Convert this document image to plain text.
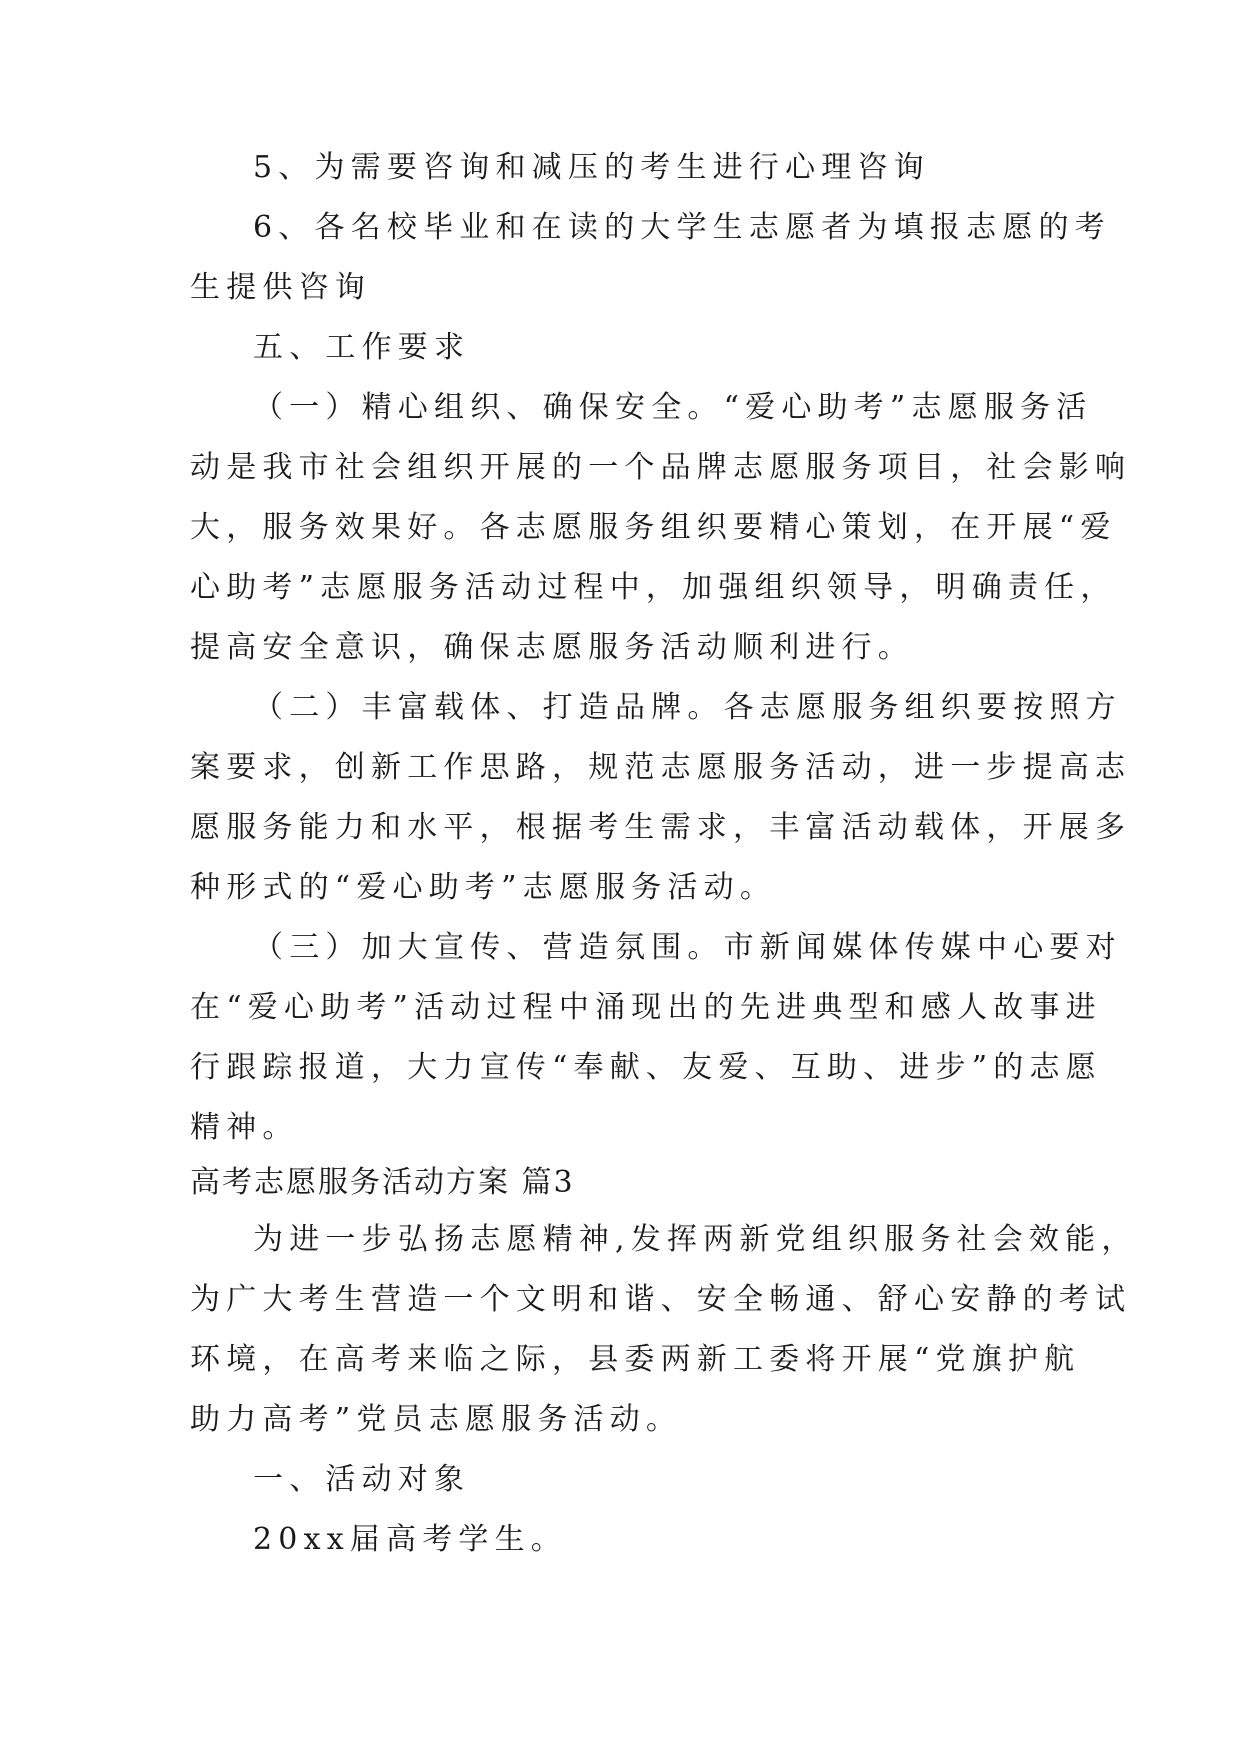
5、为需要咨询和减压的考生进行心理咨询
6、各名校毕业和在读的大学生志愿者为填报志愿的考
生提供咨询
五、工作要求
（一）精心组织、确保安全。“爱心助考”志愿服务活
动是我市社会组织开展的一个品牌志愿服务项目，社会影响
大，服务效果好。各志愿服务组织要精心策划，在开展“爱
心助考”志愿服务活动过程中，加强组织领导，明确责任，
提高安全意识，确保志愿服务活动顺利进行。
（二）丰富载体、打造品牌。各志愿服务组织要按照方
案要求，创新工作思路，规范志愿服务活动，进一步提高志
愿服务能力和水平，根据考生需求，丰富活动载体，开展多
种形式的“爱心助考”志愿服务活动。
（三）加大宣传、营造氛围。市新闻媒体传媒中心要对
在“爱心助考”活动过程中涌现出的先进典型和感人故事进
行跟踪报道，大力宣传“奉献、友爱、互助、进步”的志愿
精神。
高考志愿服务活动方案 篇3
为进一步弘扬志愿精神,发挥两新党组织服务社会效能，
为广大考生营造一个文明和谐、安全畅通、舒心安静的考试
环境，在高考来临之际，县委两新工委将开展“党旗护航
助力高考”党员志愿服务活动。
一、活动对象
20xx届高考学生。
